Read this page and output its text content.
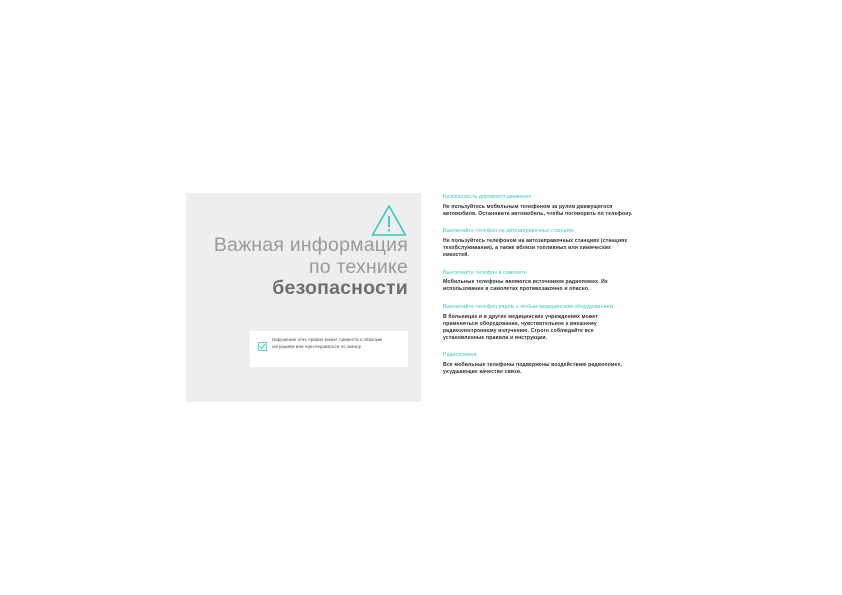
Важная информация по технике
безопасности
Нарушение этих правил может привести к опасным ситуациям или преследоваться по закону.
Безопасность дорожного движения

Не пользуйтесь мобильным телефоном за рулем движущегося автомобиля. Остановите автомобиль, чтобы поговорить по телефону.

Выключайте телефон на автозаправочных станциях

Не пользуйтесь телефоном на автозаправочных станциях (станциях техобслуживания), а также вблизи топливных или химических емкостей.

Выключайте телефон в самолете

Мобильные телефоны являются источником радиопомех. Их использование в самолетах противозаконно и опасно.

Выключайте телефон рядом с любым медицинским оборудованием

В больницах и в других медицинских учреждениях может применяться оборудование, чувствительное к внешнему радиоэлектронному излучению. Строго соблюдайте все установленные правила и инструкции.

Радиопомехи

Все мобильные телефоны подвержены воздействию радиопомех, ухудшающих качество связи.
